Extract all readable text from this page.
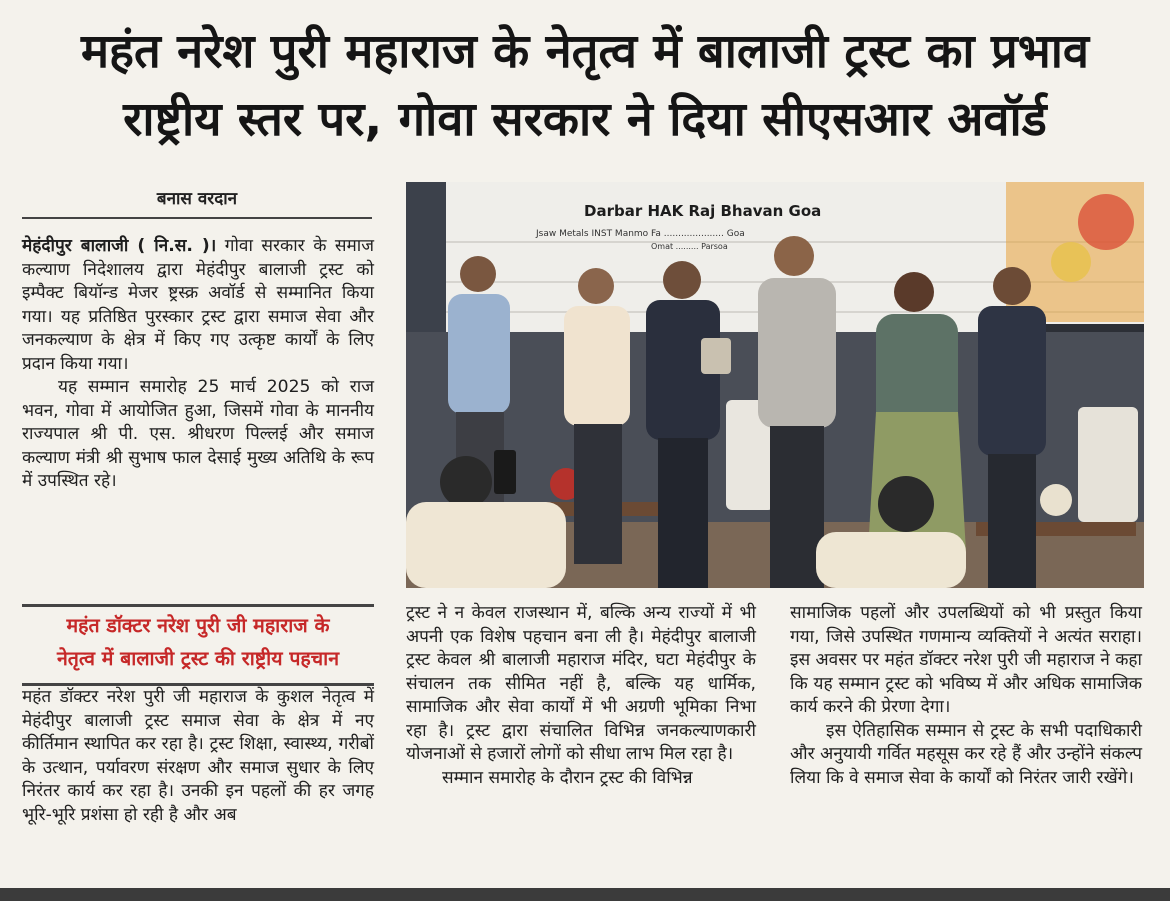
महंत नरेश पुरी महाराज के नेतृत्व में बालाजी ट्रस्ट का प्रभाव
राष्ट्रीय स्तर पर, गोवा सरकार ने दिया सीएसआर अवॉर्ड
बनास वरदान

मेहंदीपुर बालाजी ( नि.स. )। गोवा सरकार के समाज कल्याण निदेशालय द्वारा मेहंदीपुर बालाजी ट्रस्ट को इम्पैक्ट बियॉन्ड मेजर ष्ट्रस्क्र अवॉर्ड से सम्मानित किया गया। यह प्रतिष्ठित पुरस्कार ट्रस्ट द्वारा समाज सेवा और जनकल्याण के क्षेत्र में किए गए उत्कृष्ट कार्यों के लिए प्रदान किया गया।

यह सम्मान समारोह 25 मार्च 2025 को राज भवन, गोवा में आयोजित हुआ, जिसमें गोवा के माननीय राज्यपाल श्री पी. एस. श्रीधरण पिल्लई और समाज कल्याण मंत्री श्री सुभाष फाल देसाई मुख्य अतिथि के रूप में उपस्थित रहे।

महंत डॉक्टर नरेश पुरी जी महाराज के
नेतृत्व में बालाजी ट्रस्ट की राष्ट्रीय पहचान

महंत डॉक्टर नरेश पुरी जी महाराज के कुशल नेतृत्व में मेहंदीपुर बालाजी ट्रस्ट समाज सेवा के क्षेत्र में नए कीर्तिमान स्थापित कर रहा है। ट्रस्ट शिक्षा, स्वास्थ्य, गरीबों के उत्थान, पर्यावरण संरक्षण और समाज सुधार के लिए निरंतर कार्य कर रहा है। उनकी इन पहलों की हर जगह भूरि-भूरि प्रशंसा हो रही है और अब

Darbar HAK Raj Bhavan Goa
Jsaw Metals INST Manmo Fa ..................... Goa
Omat ......... Parsoa

ट्रस्ट ने न केवल राजस्थान में, बल्कि अन्य राज्यों में भी अपनी एक विशेष पहचान बना ली है। मेहंदीपुर बालाजी ट्रस्ट केवल श्री बालाजी महाराज मंदिर, घटा मेहंदीपुर के संचालन तक सीमित नहीं है, बल्कि यह धार्मिक, सामाजिक और सेवा कार्यों में भी अग्रणी भूमिका निभा रहा है। ट्रस्ट द्वारा संचालित विभिन्न जनकल्याणकारी योजनाओं से हजारों लोगों को सीधा लाभ मिल रहा है।

सम्मान समारोह के दौरान ट्रस्ट की विभिन्न

सामाजिक पहलों और उपलब्धियों को भी प्रस्तुत किया गया, जिसे उपस्थित गणमान्य व्यक्तियों ने अत्यंत सराहा। इस अवसर पर महंत डॉक्टर नरेश पुरी जी महाराज ने कहा कि यह सम्मान ट्रस्ट को भविष्य में और अधिक सामाजिक कार्य करने की प्रेरणा देगा।

इस ऐतिहासिक सम्मान से ट्रस्ट के सभी पदाधिकारी और अनुयायी गर्वित महसूस कर रहे हैं और उन्होंने संकल्प लिया कि वे समाज सेवा के कार्यों को निरंतर जारी रखेंगे।
